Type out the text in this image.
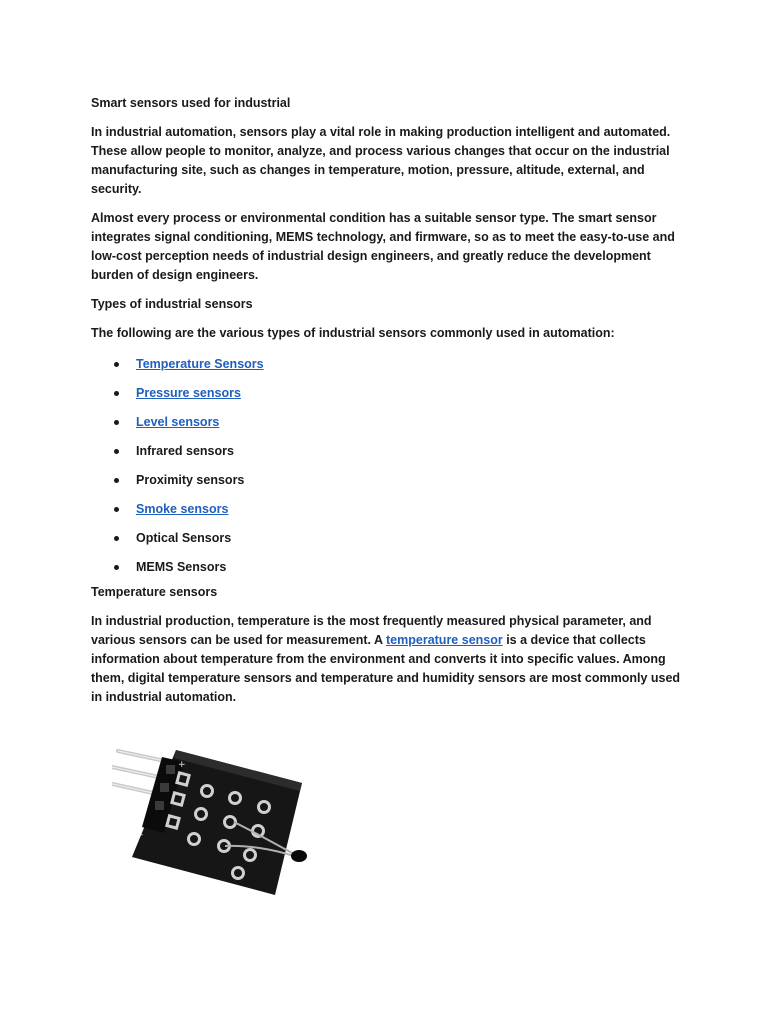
Smart sensors used for industrial

In industrial automation, sensors play a vital role in making production intelligent and automated. These allow people to monitor, analyze, and process various changes that occur on the industrial manufacturing site, such as changes in temperature, motion, pressure, altitude, external, and security.

Almost every process or environmental condition has a suitable sensor type. The smart sensor integrates signal conditioning, MEMS technology, and firmware, so as to meet the easy-to-use and low-cost perception needs of industrial design engineers, and greatly reduce the development burden of design engineers.

Types of industrial sensors

The following are the various types of industrial sensors commonly used in automation:

Temperature Sensors
Pressure sensors
Level sensors
Infrared sensors
Proximity sensors
Smoke sensors
Optical Sensors
MEMS Sensors

Temperature sensors

In industrial production, temperature is the most frequently measured physical parameter, and various sensors can be used for measurement. A temperature sensor is a device that collects information about temperature from the environment and converts it into specific values. Among them, digital temperature sensors and temperature and humidity sensors are most commonly used in industrial automation.

+
-
